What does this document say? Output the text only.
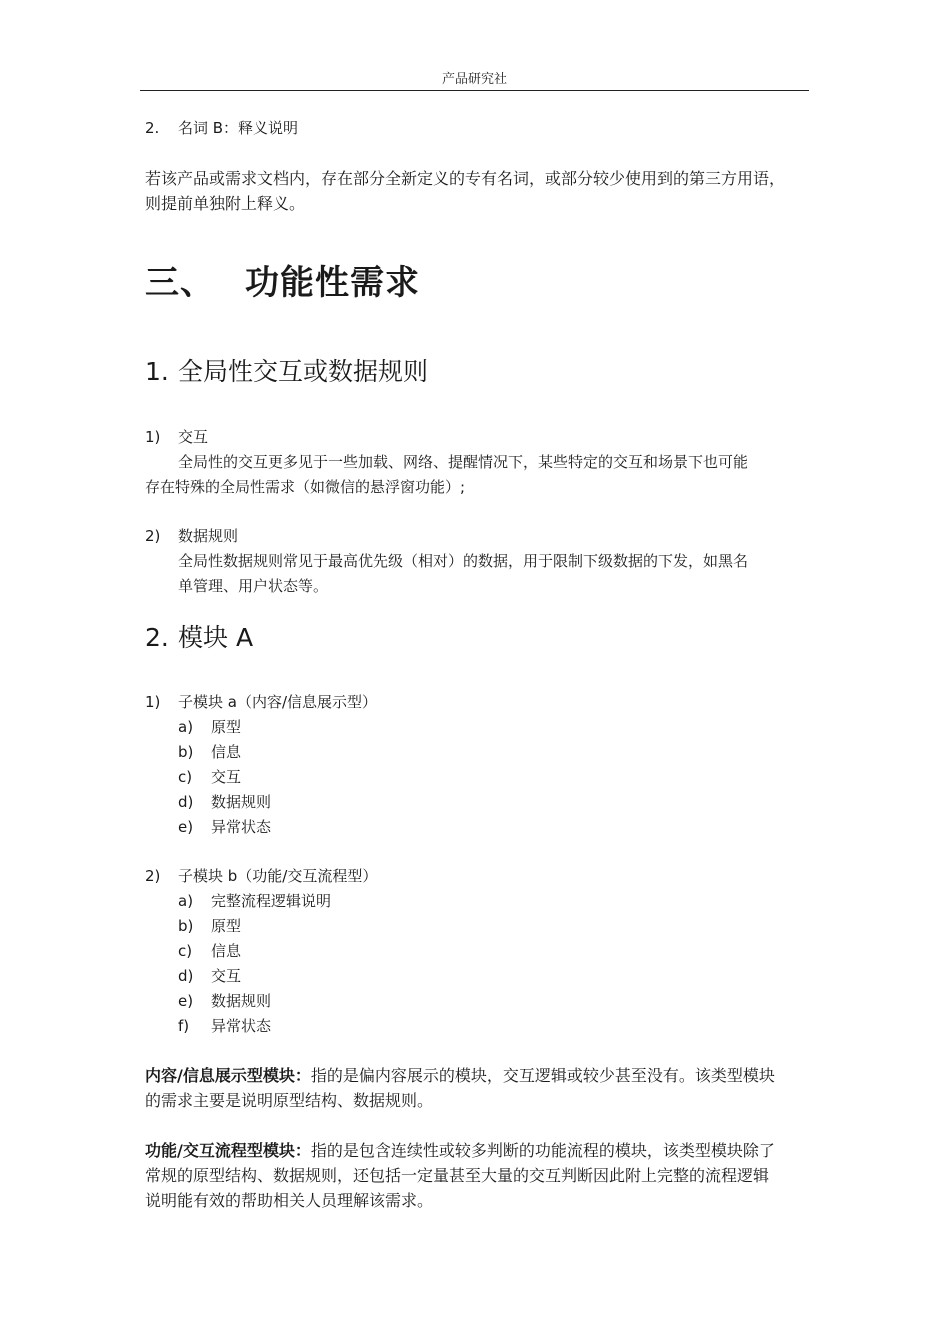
产品研究社
2. 名词 B：释义说明
若该产品或需求文档内，存在部分全新定义的专有名词，或部分较少使用到的第三方用语，
则提前单独附上释义。
三、 功能性需求
1. 全局性交互或数据规则
1) 交互
全局性的交互更多见于一些加载、网络、提醒情况下，某些特定的交互和场景下也可能
存在特殊的全局性需求（如微信的悬浮窗功能）;
2) 数据规则
全局性数据规则常见于最高优先级（相对）的数据，用于限制下级数据的下发，如黑名
单管理、用户状态等。
2. 模块 A
1) 子模块 a（内容/信息展示型）
a) 原型
b) 信息
c) 交互
d) 数据规则
e) 异常状态
2) 子模块 b（功能/交互流程型）
a) 完整流程逻辑说明
b) 原型
c) 信息
d) 交互
e) 数据规则
f) 异常状态
内容/信息展示型模块：指的是偏内容展示的模块，交互逻辑或较少甚至没有。该类型模块
的需求主要是说明原型结构、数据规则。
功能/交互流程型模块：指的是包含连续性或较多判断的功能流程的模块，该类型模块除了
常规的原型结构、数据规则，还包括一定量甚至大量的交互判断因此附上完整的流程逻辑
说明能有效的帮助相关人员理解该需求。
